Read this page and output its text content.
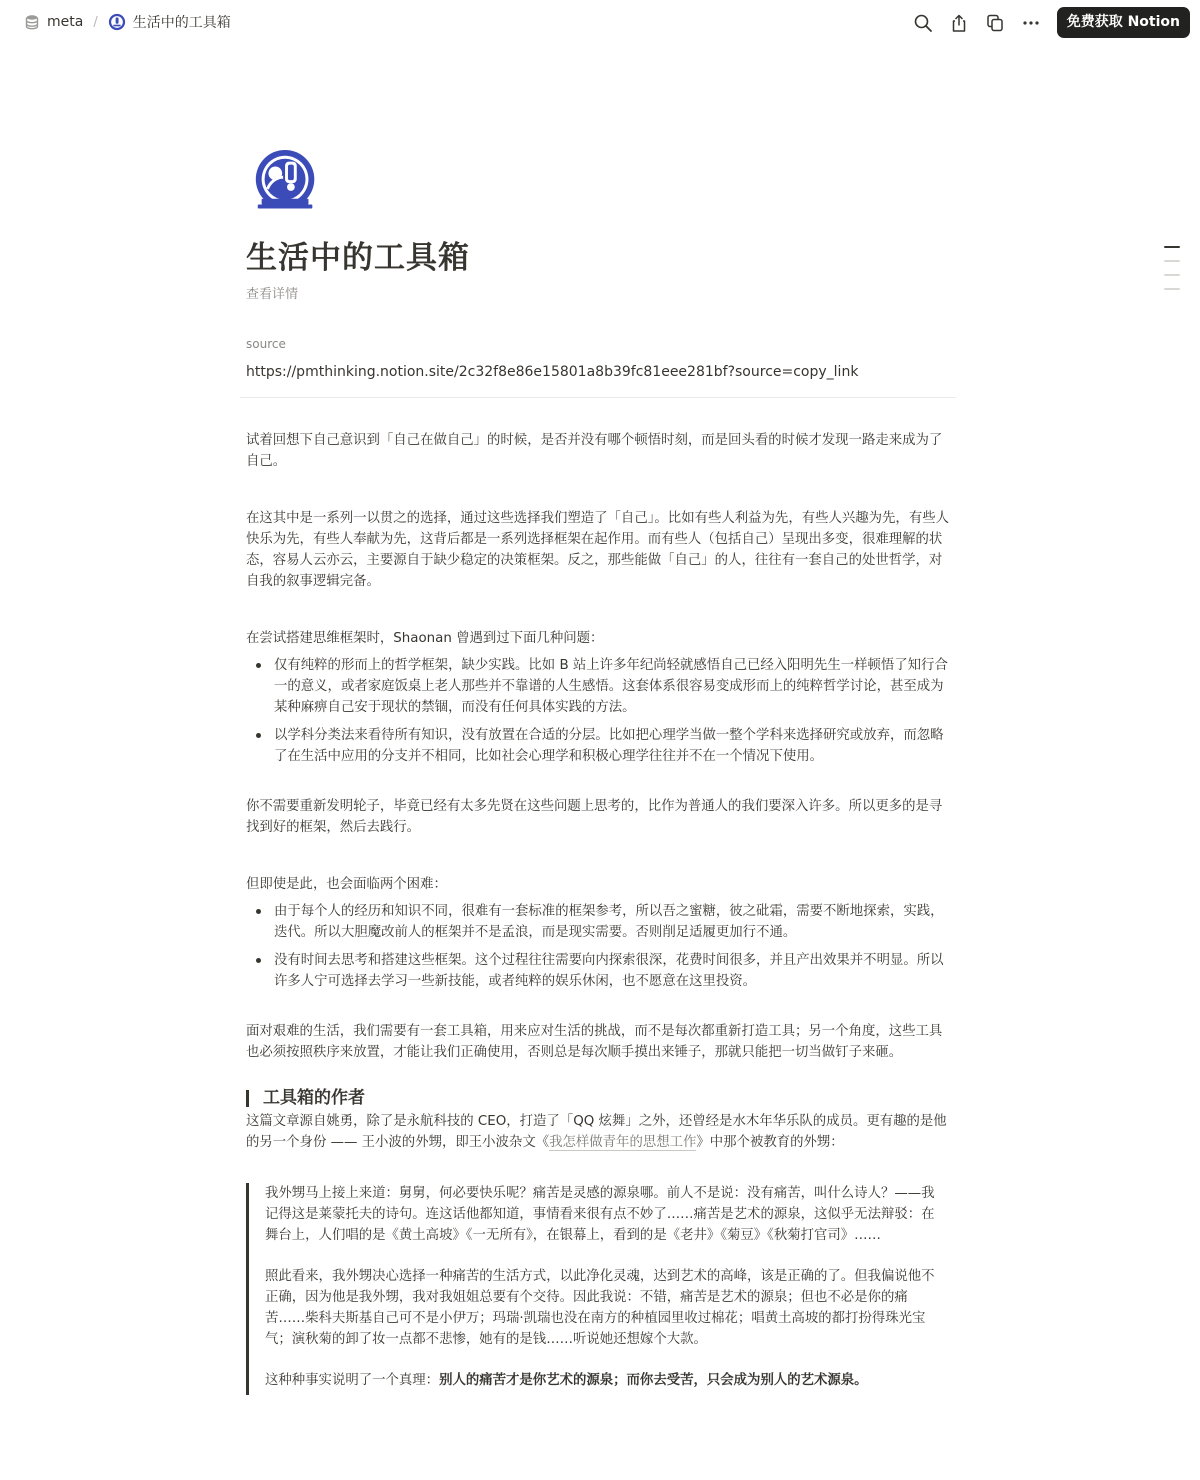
meta /	生活中的工具箱	免费获取 Notion
生活中的工具箱
查看详情
source
https://pmthinking.notion.site/2c32f8e86e15801a8b39fc81eee281bf?source=copy_link

试着回想下自己意识到「自己在做自己」的时候，是否并没有哪个顿悟时刻，而是回头看的时候才发现一路走来成为了自己。

在这其中是一系列一以贯之的选择，通过这些选择我们塑造了「自己」。比如有些人利益为先，有些人兴趣为先，有些人快乐为先，有些人奉献为先，这背后都是一系列选择框架在起作用。而有些人（包括自己）呈现出多变，很难理解的状态，容易人云亦云，主要源自于缺少稳定的决策框架。反之，那些能做「自己」的人，往往有一套自己的处世哲学，对自我的叙事逻辑完备。

在尝试搭建思维框架时，Shaonan 曾遇到过下面几种问题：

仅有纯粹的形而上的哲学框架，缺少实践。比如 B 站上许多年纪尚轻就感悟自己已经入阳明先生一样顿悟了知行合一的意义，或者家庭饭桌上老人那些并不靠谱的人生感悟。这套体系很容易变成形而上的纯粹哲学讨论，甚至成为某种麻痹自己安于现状的禁锢，而没有任何具体实践的方法。
以学科分类法来看待所有知识，没有放置在合适的分层。比如把心理学当做一整个学科来选择研究或放弃，而忽略了在生活中应用的分支并不相同，比如社会心理学和积极心理学往往并不在一个情况下使用。

你不需要重新发明轮子，毕竟已经有太多先贤在这些问题上思考的，比作为普通人的我们要深入许多。所以更多的是寻找到好的框架，然后去践行。

但即使是此，也会面临两个困难：

由于每个人的经历和知识不同，很难有一套标准的框架参考，所以吾之蜜糖，彼之砒霜，需要不断地探索，实践，迭代。所以大胆魔改前人的框架并不是孟浪，而是现实需要。否则削足适履更加行不通。
没有时间去思考和搭建这些框架。这个过程往往需要向内探索很深，花费时间很多，并且产出效果并不明显。所以许多人宁可选择去学习一些新技能，或者纯粹的娱乐休闲，也不愿意在这里投资。

面对艰难的生活，我们需要有一套工具箱，用来应对生活的挑战，而不是每次都重新打造工具；另一个角度，这些工具也必须按照秩序来放置，才能让我们正确使用，否则总是每次顺手摸出来锤子，那就只能把一切当做钉子来砸。

工具箱的作者

这篇文章源自姚勇，除了是永航科技的 CEO，打造了「QQ 炫舞」之外，还曾经是水木年华乐队的成员。更有趣的是他的另一个身份 —— 王小波的外甥，即王小波杂文《我怎样做青年的思想工作》中那个被教育的外甥：

我外甥马上接上来道：舅舅，何必要快乐呢？痛苦是灵感的源泉哪。前人不是说：没有痛苦，叫什么诗人？——我记得这是莱蒙托夫的诗句。连这话他都知道，事情看来很有点不妙了……痛苦是艺术的源泉，这似乎无法辩驳：在舞台上，人们唱的是《黄土高坡》《一无所有》，在银幕上，看到的是《老井》《菊豆》《秋菊打官司》……

照此看来，我外甥决心选择一种痛苦的生活方式，以此净化灵魂，达到艺术的高峰，该是正确的了。但我偏说他不正确，因为他是我外甥，我对我姐姐总要有个交待。因此我说：不错，痛苦是艺术的源泉；但也不必是你的痛苦……柴科夫斯基自己可不是小伊万；玛瑞·凯瑞也没在南方的种植园里收过棉花；唱黄土高坡的都打扮得珠光宝气；演秋菊的卸了妆一点都不悲惨，她有的是钱……听说她还想嫁个大款。

这种种事实说明了一个真理：别人的痛苦才是你艺术的源泉；而你去受苦，只会成为别人的艺术源泉。
